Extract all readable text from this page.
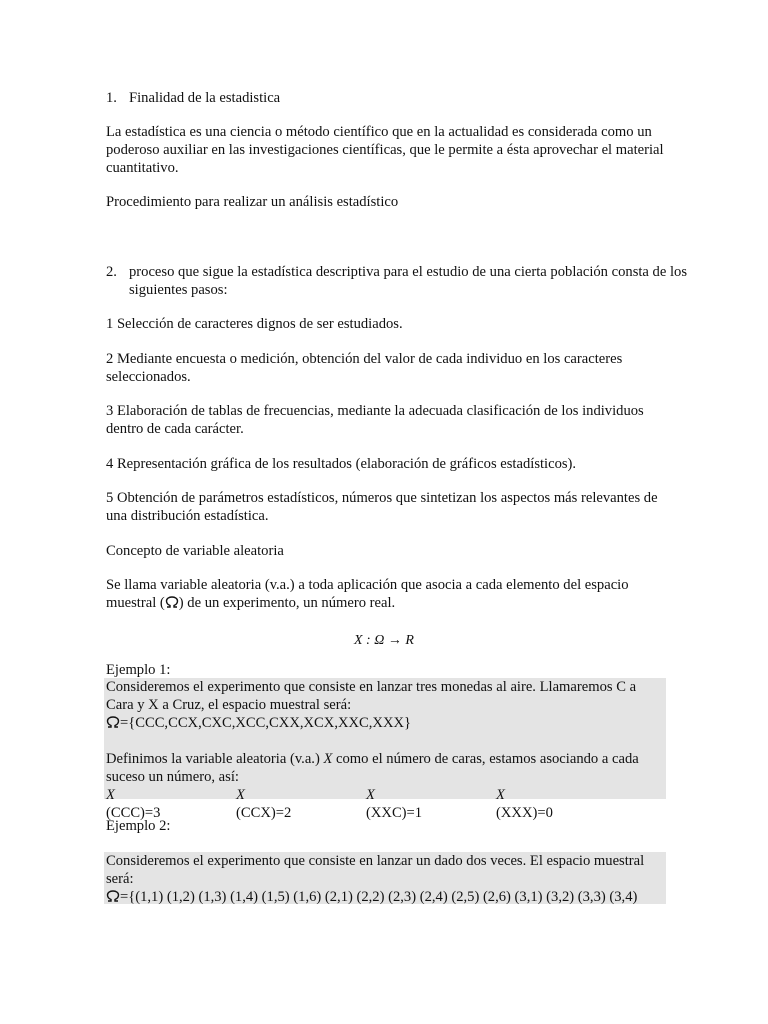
1. Finalidad de la estadistica

La estadística es una ciencia o método científico que en la actualidad es considerada como un poderoso auxiliar en las investigaciones científicas, que le permite a ésta aprovechar el material cuantitativo.

Procedimiento para realizar un análisis estadístico

2. proceso que sigue la estadística descriptiva para el estudio de una cierta población consta de los siguientes pasos:

1 Selección de caracteres dignos de ser estudiados.

2 Mediante encuesta o medición, obtención del valor de cada individuo en los caracteres seleccionados.

3 Elaboración de tablas de frecuencias, mediante la adecuada clasificación de los individuos dentro de cada carácter.

4 Representación gráfica de los resultados (elaboración de gráficos estadísticos).

5 Obtención de parámetros estadísticos, números que sintetizan los aspectos más relevantes de una distribución estadística.

Concepto de variable aleatoria

Se llama variable aleatoria (v.a.) a toda aplicación que asocia a cada elemento del espacio muestral ( ) de un experimento, un número real.

X : Ω → R

Ejemplo 1:

Consideremos el experimento que consiste en lanzar tres monedas al aire. Llamaremos C a Cara y X a Cruz, el espacio muestral será:
={CCC,CCX,CXC,XCC,CXX,XCX,XXC,XXX}
Definimos la variable aleatoria (v.a.) X como el número de caras, estamos asociando a cada suceso un número, así:
X
(CCC)=3
X
(CCX)=2
X
(XXC)=1
X
(XXX)=0

Ejemplo 2:

Consideremos el experimento que consiste en lanzar un dado dos veces. El espacio muestral será:
={(1,1) (1,2) (1,3) (1,4) (1,5) (1,6) (2,1) (2,2) (2,3) (2,4) (2,5) (2,6) (3,1) (3,2) (3,3) (3,4)
